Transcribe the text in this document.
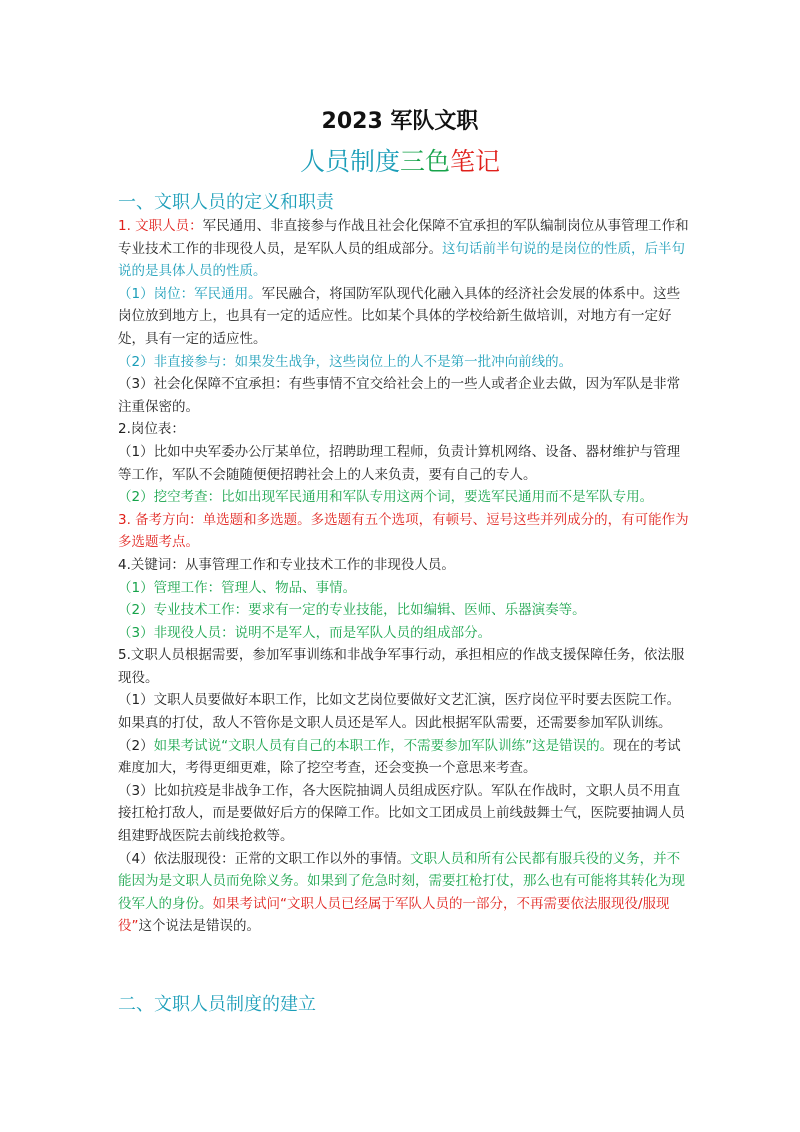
2023 军队文职
人员制度三色笔记
一、文职人员的定义和职责

1. 文职人员：军民通用、非直接参与作战且社会化保障不宜承担的军队编制岗位从事管理工作和专业技术工作的非现役人员，是军队人员的组成部分。这句话前半句说的是岗位的性质，后半句说的是具体人员的性质。

（1）岗位：军民通用。军民融合，将国防军队现代化融入具体的经济社会发展的体系中。这些岗位放到地方上，也具有一定的适应性。比如某个具体的学校给新生做培训，对地方有一定好处，具有一定的适应性。

（2）非直接参与：如果发生战争，这些岗位上的人不是第一批冲向前线的。

（3）社会化保障不宜承担：有些事情不宜交给社会上的一些人或者企业去做，因为军队是非常注重保密的。

2.岗位表：

（1）比如中央军委办公厅某单位，招聘助理工程师，负责计算机网络、设备、器材维护与管理等工作，军队不会随随便便招聘社会上的人来负责，要有自己的专人。

（2）挖空考查：比如出现军民通用和军队专用这两个词，要选军民通用而不是军队专用。

3. 备考方向：单选题和多选题。多选题有五个选项，有顿号、逗号这些并列成分的，有可能作为多选题考点。

4.关键词：从事管理工作和专业技术工作的非现役人员。

（1）管理工作：管理人、物品、事情。

（2）专业技术工作：要求有一定的专业技能，比如编辑、医师、乐器演奏等。

（3）非现役人员：说明不是军人，而是军队人员的组成部分。

5.文职人员根据需要，参加军事训练和非战争军事行动，承担相应的作战支援保障任务，依法服现役。

（1）文职人员要做好本职工作，比如文艺岗位要做好文艺汇演，医疗岗位平时要去医院工作。如果真的打仗，敌人不管你是文职人员还是军人。因此根据军队需要，还需要参加军队训练。

（2）如果考试说“文职人员有自己的本职工作，不需要参加军队训练”这是错误的。现在的考试难度加大，考得更细更难，除了挖空考查，还会变换一个意思来考查。

（3）比如抗疫是非战争工作，各大医院抽调人员组成医疗队。军队在作战时，文职人员不用直接扛枪打敌人，而是要做好后方的保障工作。比如文工团成员上前线鼓舞士气，医院要抽调人员组建野战医院去前线抢救等。

（4）依法服现役：正常的文职工作以外的事情。文职人员和所有公民都有服兵役的义务，并不能因为是文职人员而免除义务。如果到了危急时刻，需要扛枪打仗，那么也有可能将其转化为现役军人的身份。如果考试问“文职人员已经属于军队人员的一部分，不再需要依法服现役/服现役”这个说法是错误的。

二、文职人员制度的建立
